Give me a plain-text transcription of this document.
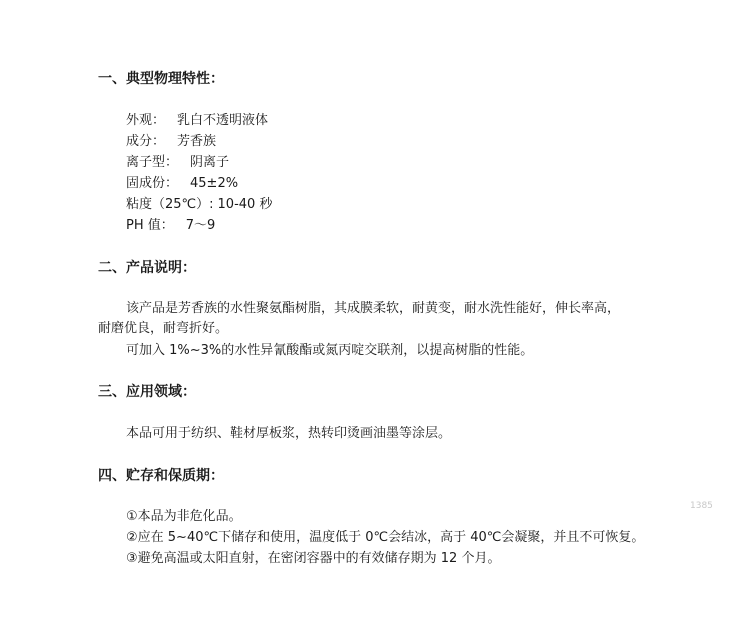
一、典型物理特性：
外观： 乳白不透明液体
成分： 芳香族
离子型： 阴离子
固成份： 45±2%
粘度（25℃）: 10-40 秒
PH 值： 7～9
二、产品说明：
该产品是芳香族的水性聚氨酯树脂，其成膜柔软，耐黄变，耐水洗性能好，伸长率高，
耐磨优良，耐弯折好。
可加入 1%~3%的水性异氰酸酯或氮丙啶交联剂，以提高树脂的性能。
三、应用领域：
本品可用于纺织、鞋材厚板浆，热转印烫画油墨等涂层。
四、贮存和保质期：
①本品为非危化品。
②应在 5~40℃下储存和使用，温度低于 0℃会结冰，高于 40℃会凝聚，并且不可恢复。
③避免高温或太阳直射，在密闭容器中的有效储存期为 12 个月。
1385
